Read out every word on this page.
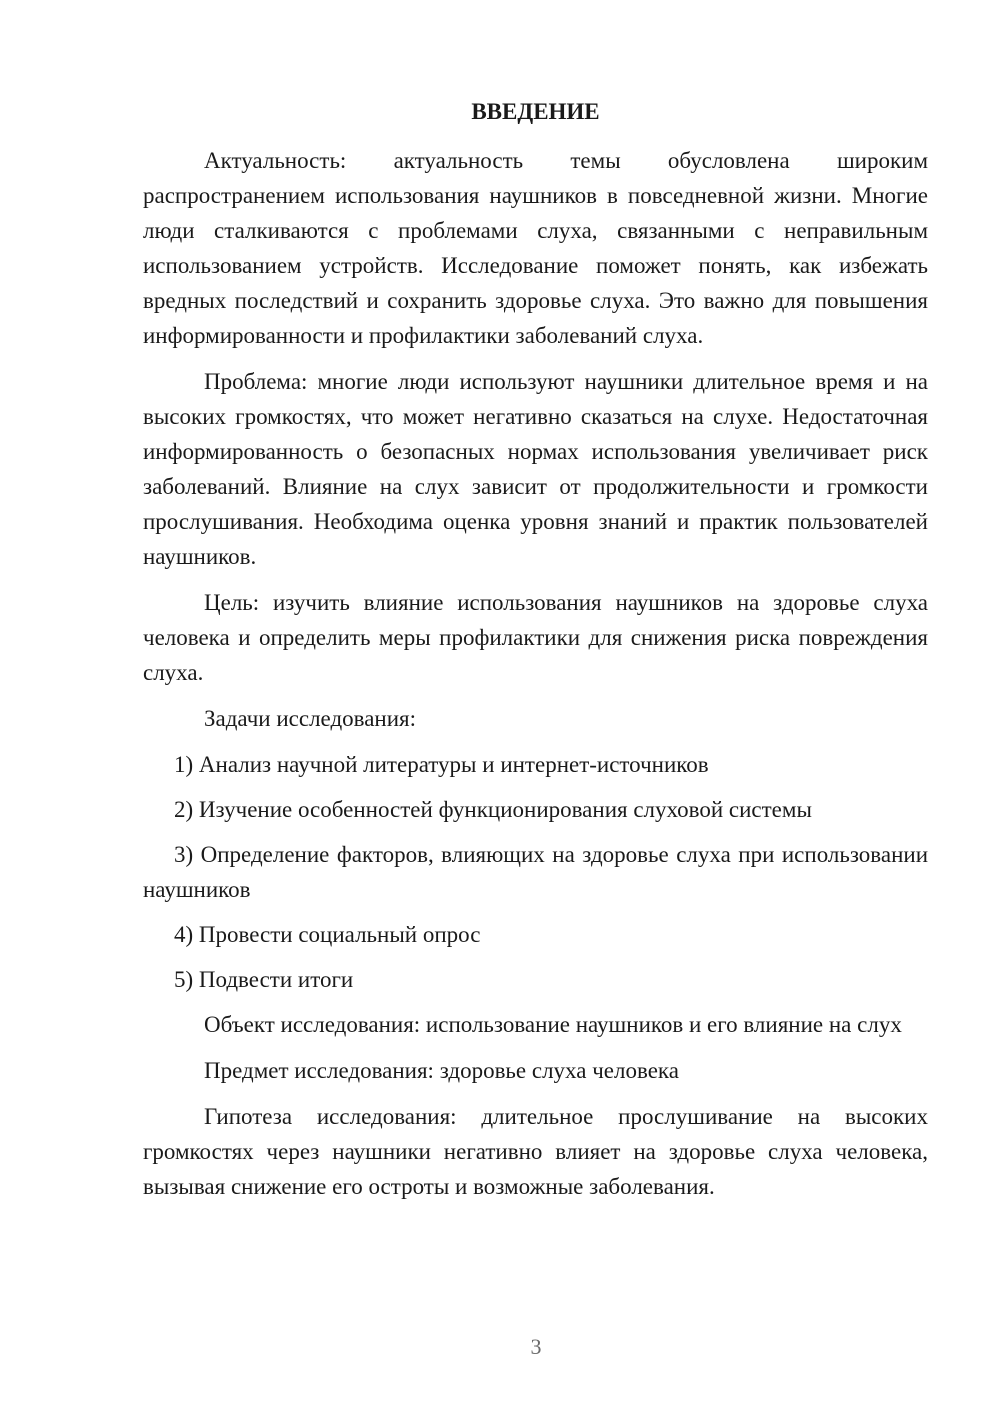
ВВЕДЕНИЕ

Актуальность: актуальность темы обусловлена широким распространением использования наушников в повседневной жизни. Многие люди сталкиваются с проблемами слуха, связанными с неправильным использованием устройств. Исследование поможет понять, как избежать вредных последствий и сохранить здоровье слуха. Это важно для повышения информированности и профилактики заболеваний слуха.

Проблема: многие люди используют наушники длительное время и на высоких громкостях, что может негативно сказаться на слухе. Недостаточная информированность о безопасных нормах использования увеличивает риск заболеваний. Влияние на слух зависит от продолжительности и громкости прослушивания. Необходима оценка уровня знаний и практик пользователей наушников.

Цель: изучить влияние использования наушников на здоровье слуха человека и определить меры профилактики для снижения риска повреждения слуха.

Задачи исследования:

1) Анализ научной литературы и интернет-источников

2) Изучение особенностей функционирования слуховой системы

3) Определение факторов, влияющих на здоровье слуха при использовании наушников

4) Провести социальный опрос

5) Подвести итоги

Объект исследования: использование наушников и его влияние на слух

Предмет исследования: здоровье слуха человека

Гипотеза исследования: длительное прослушивание на высоких громкостях через наушники негативно влияет на здоровье слуха человека, вызывая снижение его остроты и возможные заболевания.

3
